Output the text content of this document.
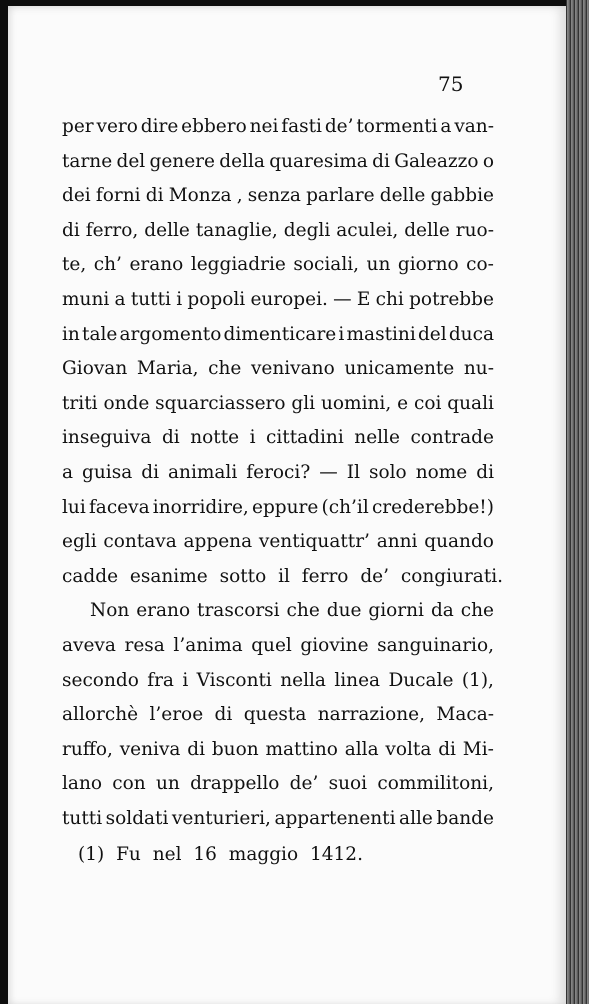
75
per vero dire ebbero nei fasti de’ tormenti a van-
tarne del genere della quaresima di Galeazzo o
dei forni di Monza , senza parlare delle gabbie
di ferro, delle tanaglie, degli aculei, delle ruo-
te, ch’ erano leggiadrie sociali, un giorno co-
muni a tutti i popoli europei. — E chi potrebbe
in tale argomento dimenticare i mastini del duca
Giovan Maria, che venivano unicamente nu-
triti onde squarciassero gli uomini, e coi quali
inseguiva di notte i cittadini nelle contrade
a guisa di animali feroci? — Il solo nome di
lui faceva inorridire, eppure (ch’il crederebbe!)
egli contava appena ventiquattr’ anni quando
cadde esanime sotto il ferro de’ congiurati.
Non erano trascorsi che due giorni da che
aveva resa l’anima quel giovine sanguinario,
secondo fra i Visconti nella linea Ducale (1),
allorchè l’eroe di questa narrazione, Maca-
ruffo, veniva di buon mattino alla volta di Mi-
lano con un drappello de’ suoi commilitoni,
tutti soldati venturieri, appartenenti alle bande
(1) Fu nel 16 maggio 1412.
